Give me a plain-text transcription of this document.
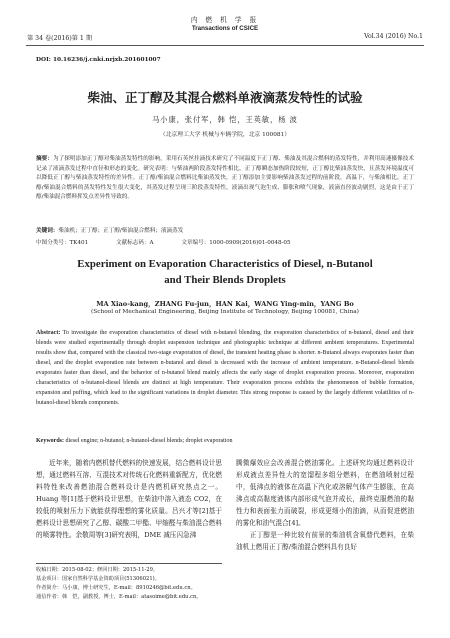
第 34 卷(2016)第 1 期
内 燃 机 学 报
Transactions of CSICE
Vol.34 (2016) No.1
DOI: 10.16236/j.cnki.nrjxb.201601007
柴油、正丁醇及其混合燃料单液滴蒸发特性的试验
马小康，张付军，韩 恺，王英敏，杨 波
（北京理工大学 机械与车辆学院，北京 100081）
摘要：为了探明添加正丁醇对柴油蒸发特性的影响，采用石英丝挂滴技术研究了不同温度下正丁醇、柴油及其混合燃料的蒸发特性，并利用高速摄像技术记录了液滴蒸发过程中直径和形态的变化。研究表明：与柴油两阶段蒸发特性相比，正丁醇瞬态加热阶段较短，正丁醇比柴油蒸发快，且蒸发环境温度可以降低正丁醇与柴油蒸发特性的差异性。正丁醇/柴油混合燃料比柴油蒸发快，正丁醇添加主要影响柴油蒸发过程的前阶段。高温下，与柴油相比，正丁醇/柴油混合燃料的蒸发特性发生很大变化，其蒸发过程呈现三阶段蒸发特性，液滴出现气泡生成、膨胀和喷气现象，液滴直径波动剧烈，这是由于正丁醇/柴油混合燃料挥发点差异性导致的。
关键词：柴油机；正丁醇；正丁醇/柴油混合燃料；液滴蒸发
中图分类号：TK401	文献标志码：A	文章编号：1000-0909(2016)01-0048-05
Experiment on Evaporation Characteristics of Diesel, n-Butanol
and Their Blends Droplets
MA Xiao-kang，ZHANG Fu-jun，HAN Kai，WANG Ying-min，YANG Bo
(School of Mechanical Engineering, Beijing Institute of Technology, Beijing 100081, China)
Abstract: To investigate the evaporation characteristics of diesel with n-butanol blending, the evaporation characteristics of n-butanol, diesel and their blends were studied experimentally through droplet suspension technique and photographic technique at different ambient temperatures. Experimental results show that, compared with the classical two-stage evaporation of diesel, the transient heating phase is shorter. n-Butanol always evaporates faster than diesel, and the droplet evaporation rate between n-butanol and diesel is decreased with the increase of ambient temperature. n-Butanol-diesel blends evaporates faster than diesel, and the behavior of n-butanol blend mainly affects the early stage of droplet evaporation process. Moreover, evaporation characteristics of n-butanol-diesel blends are distinct at high temperature. Their evaporation process exhibits the phenomenon of bubble formation, expansion and puffing, which lead to the significant variations in droplet diameter. This strong response is caused by the largely different volatilities of n-butanol-diesel blends components.
Keywords: diesel engine; n-butanol; n-butanol-diesel blends; droplet evaporation
近年来，随着内燃机替代燃料的快速发展，结合燃料设计思想，通过燃料互溶、互混技术对传统石化燃料重新配方，优化燃料特性来改善燃油混合燃料设计是内燃机研究热点之一。Huang 等[1]基于燃料设计思想，在柴油中溶入液态 CO2，在较低的喷射压力下就能获得理想的雾化质量。吕兴才等[2]基于燃料设计思想研究了乙醇、碳酸二甲酯、甲缩醛与柴油混合燃料的喷雾特性。余敬周等[3]研究表明，DME 减压闪急沸
腾微爆效应会改善混合燃油雾化。上述研究均通过燃料设计形成液点差异性大的宽馏程多组分燃料，在燃油喷射过程中，低沸点的液体在高温下汽化或溶解气体产生膨胀，在高沸点或高黏度液体内部形成气泡并成长，最终克服燃油的黏性力和表面张力而破裂，形成更细小的油滴，从而促进燃油的雾化和油气混合[4]。
　　正丁醇是一种比较有前景的柴油机含氧替代燃料，在柴油机上燃用正丁醇/柴油混合燃料具有良好
收稿日期：2015-08-02；修回日期：2015-11-29。
基金项目：国家自然科学基金资助项目(51306021)。
作者简介：马小康，博士研究生，E-mail：8910246@bit.edu.cn。
通信作者：韩　恺，副教授，博士，E-mail：atasoime@bit.edu.cn。
